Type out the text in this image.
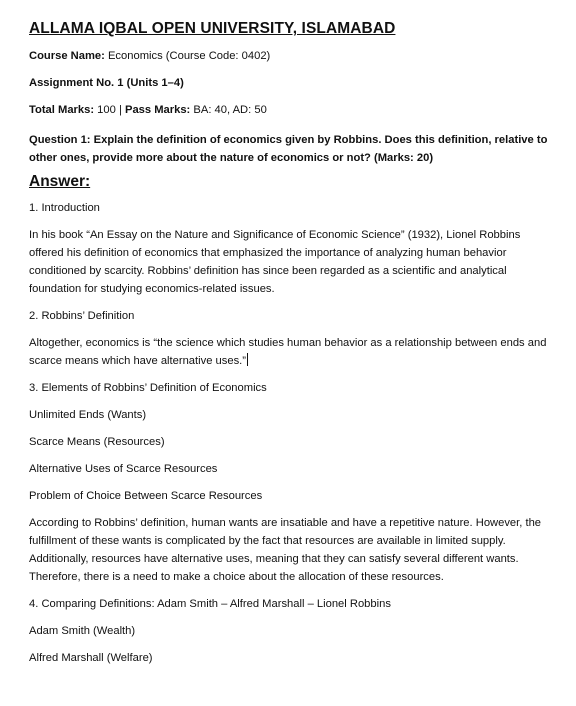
ALLAMA IQBAL OPEN UNIVERSITY, ISLAMABAD
Course Name: Economics (Course Code: 0402)
Assignment No. 1 (Units 1–4)
Total Marks: 100 | Pass Marks: BA: 40, AD: 50
Question 1: Explain the definition of economics given by Robbins. Does this definition, relative to other ones, provide more about the nature of economics or not? (Marks: 20)
Answer:
1. Introduction
In his book “An Essay on the Nature and Significance of Economic Science” (1932), Lionel Robbins offered his definition of economics that emphasized the importance of analyzing human behavior conditioned by scarcity. Robbins’ definition has since been regarded as a scientific and analytical foundation for studying economics-related issues.
2. Robbins’ Definition
Altogether, economics is “the science which studies human behavior as a relationship between ends and scarce means which have alternative uses.”
3. Elements of Robbins’ Definition of Economics
Unlimited Ends (Wants)
Scarce Means (Resources)
Alternative Uses of Scarce Resources
Problem of Choice Between Scarce Resources
According to Robbins’ definition, human wants are insatiable and have a repetitive nature. However, the fulfillment of these wants is complicated by the fact that resources are available in limited supply. Additionally, resources have alternative uses, meaning that they can satisfy several different wants. Therefore, there is a need to make a choice about the allocation of these resources.
4. Comparing Definitions: Adam Smith – Alfred Marshall – Lionel Robbins
Adam Smith (Wealth)
Alfred Marshall (Welfare)
